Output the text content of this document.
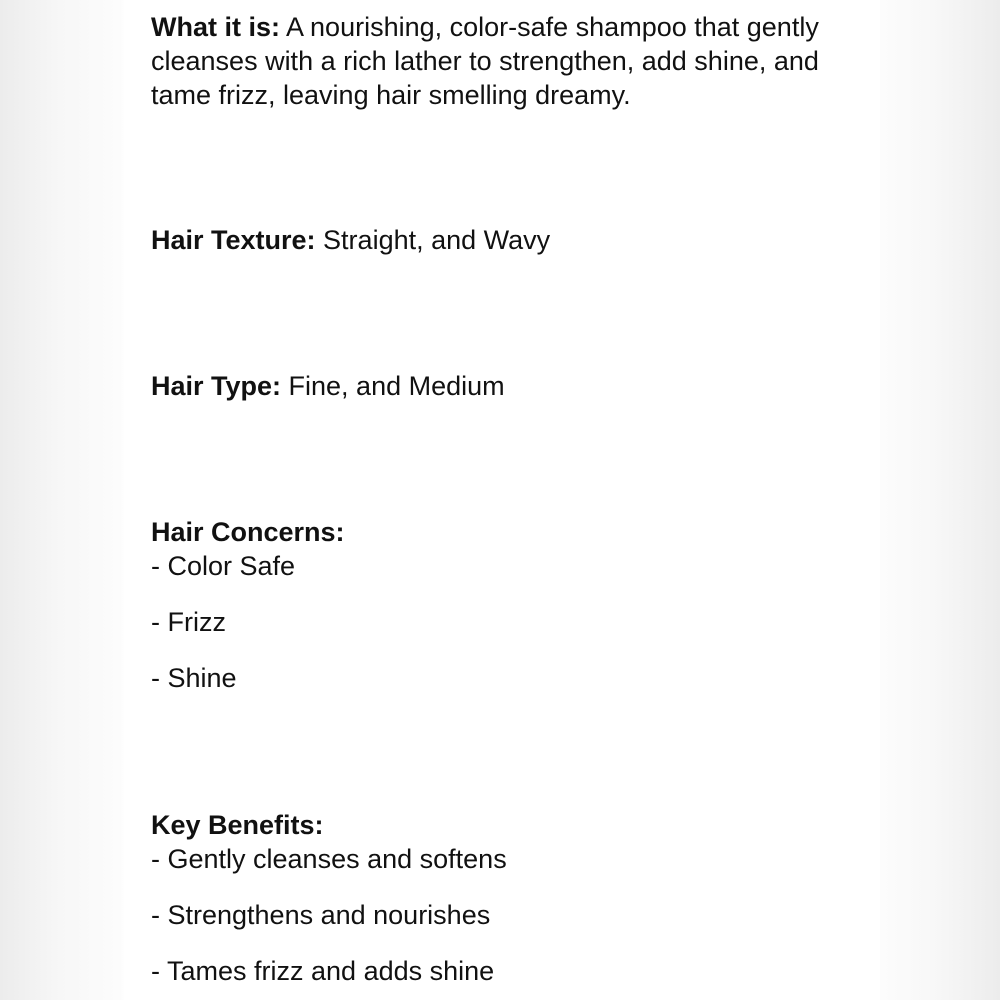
What it is: A nourishing, color-safe shampoo that gently cleanses with a rich lather to strengthen, add shine, and tame frizz, leaving hair smelling dreamy.

Hair Texture: Straight, and Wavy

Hair Type: Fine, and Medium

Hair Concerns:

- Color Safe

- Frizz

- Shine

Key Benefits:

- Gently cleanses and softens

- Strengthens and nourishes

- Tames frizz and adds shine
